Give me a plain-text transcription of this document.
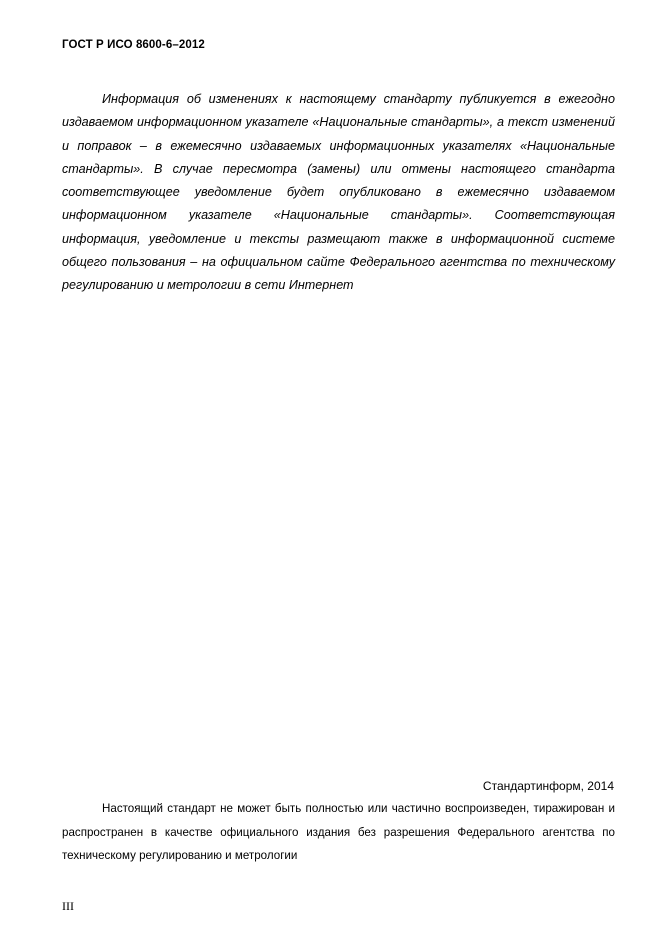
ГОСТ Р ИСО 8600-6–2012

Информация об изменениях к настоящему стандарту публикуется в ежегодно издаваемом информационном указателе «Национальные стандарты», а текст изменений и поправок – в ежемесячно издаваемых информационных указателях «Национальные стандарты». В случае пересмотра (замены) или отмены настоящего стандарта соответствующее уведомление будет опубликовано в ежемесячно издаваемом информационном указателе «Национальные стандарты». Соответствующая информация, уведомление и тексты размещают также в информационной системе общего пользования – на официальном сайте Федерального агентства по техническому регулированию и метрологии в сети Интернет

Стандартинформ, 2014

Настоящий стандарт не может быть полностью или частично воспроизведен, тиражирован и распространен в качестве официального издания без разрешения Федерального агентства по техническому регулированию и метрологии

III
